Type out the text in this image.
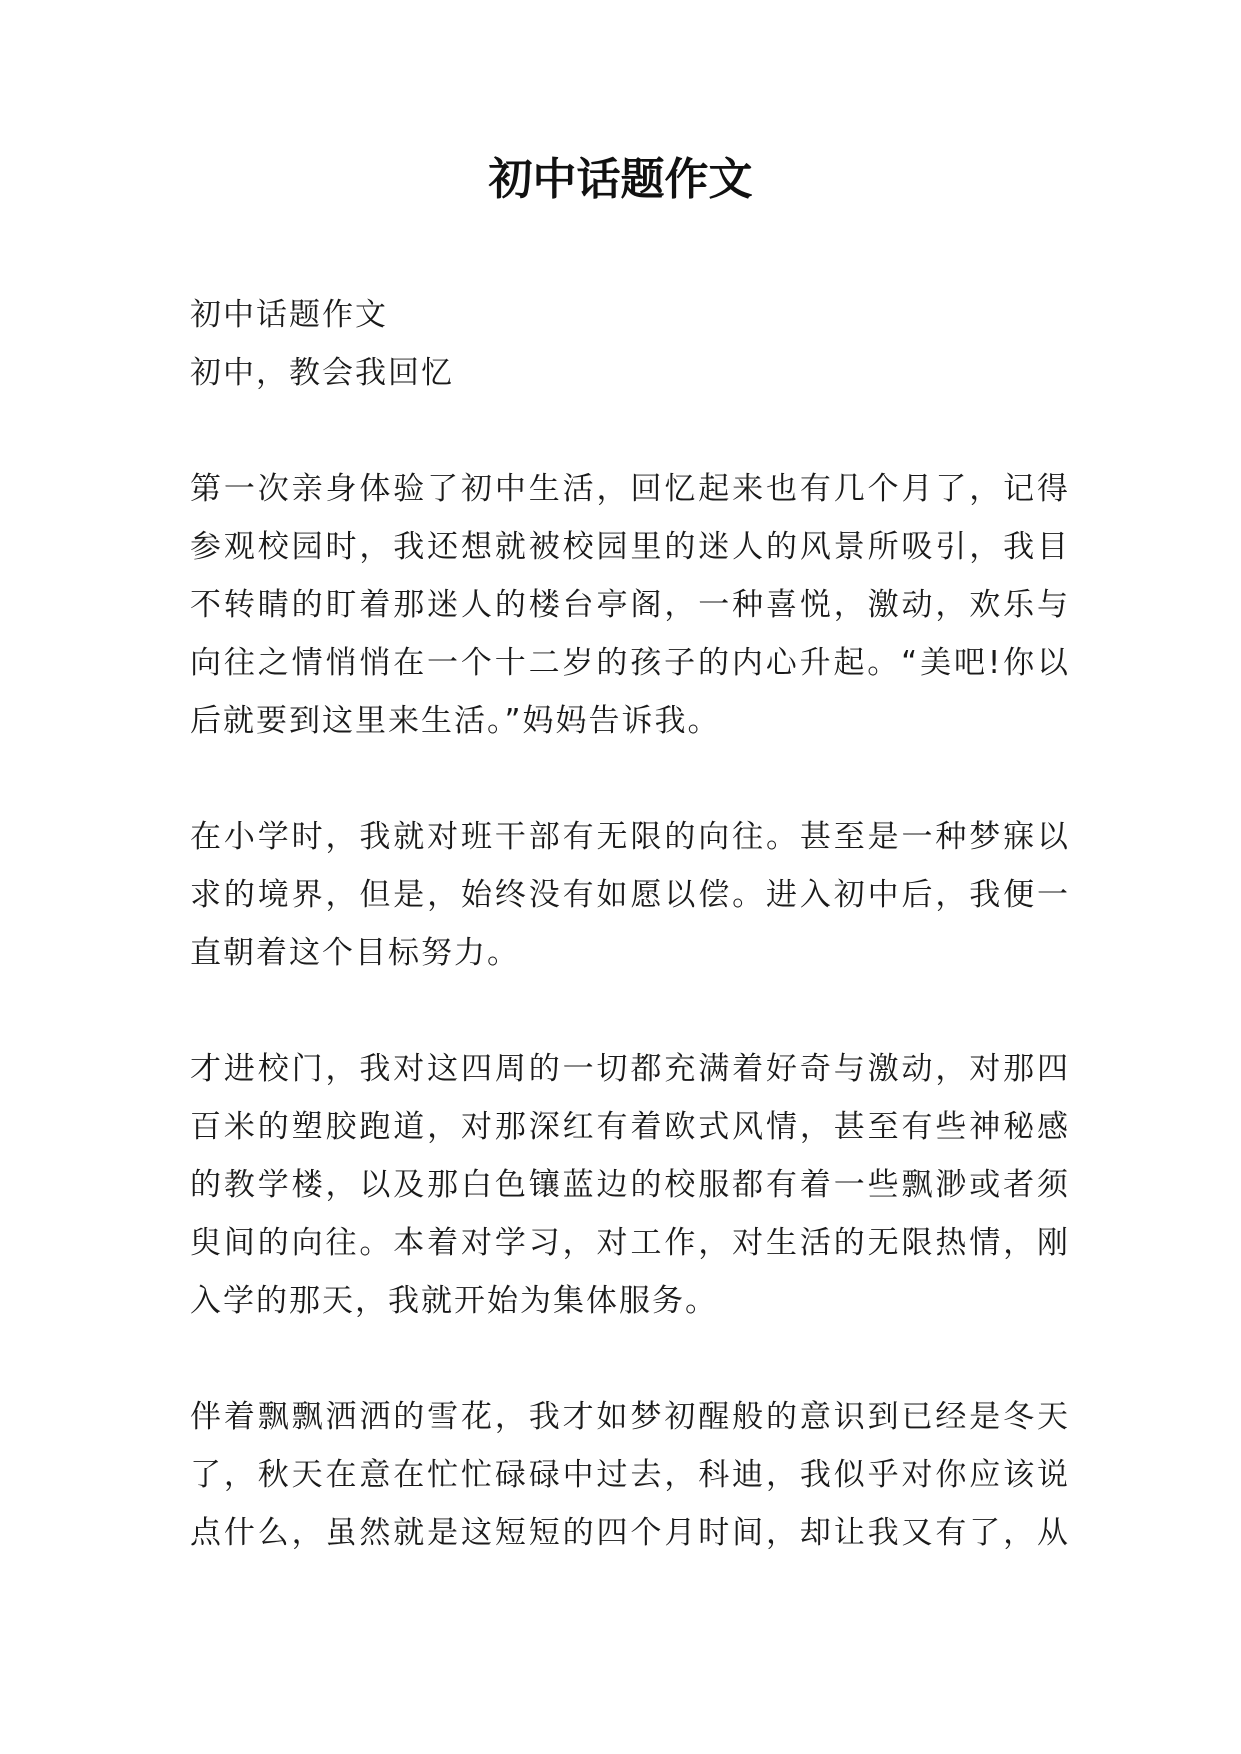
初中话题作文
初中话题作文
初中，教会我回忆
第一次亲身体验了初中生活，回忆起来也有几个月了，记得
参观校园时，我还想就被校园里的迷人的风景所吸引，我目
不转睛的盯着那迷人的楼台亭阁，一种喜悦，激动，欢乐与
向往之情悄悄在一个十二岁的孩子的内心升起。“美吧!你以
后就要到这里来生活。”妈妈告诉我。
在小学时，我就对班干部有无限的向往。甚至是一种梦寐以
求的境界，但是，始终没有如愿以偿。进入初中后，我便一
直朝着这个目标努力。
才进校门，我对这四周的一切都充满着好奇与激动，对那四
百米的塑胶跑道，对那深红有着欧式风情，甚至有些神秘感
的教学楼，以及那白色镶蓝边的校服都有着一些飘渺或者须
臾间的向往。本着对学习，对工作，对生活的无限热情，刚
入学的那天，我就开始为集体服务。
伴着飘飘洒洒的雪花，我才如梦初醒般的意识到已经是冬天
了，秋天在意在忙忙碌碌中过去，科迪，我似乎对你应该说
点什么，虽然就是这短短的四个月时间，却让我又有了，从
